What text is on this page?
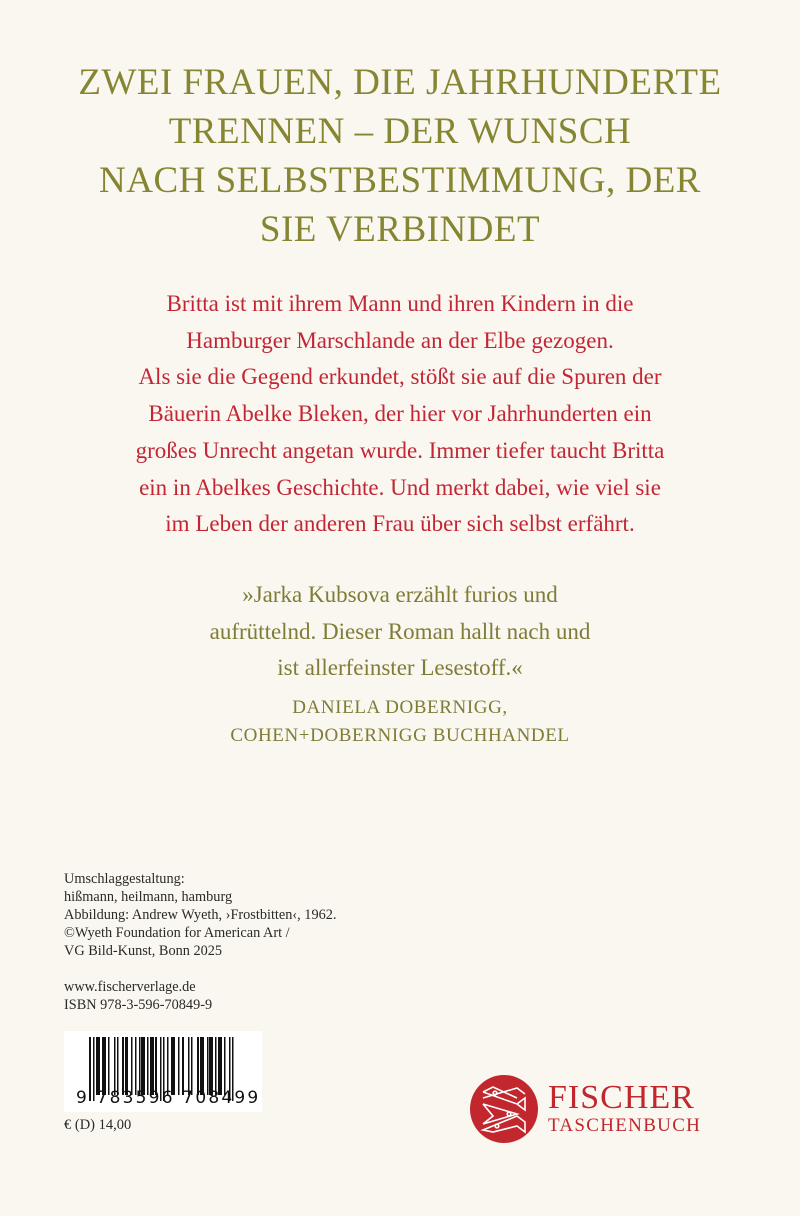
ZWEI FRAUEN, DIE JAHRHUNDERTE
TRENNEN – DER WUNSCH
NACH SELBSTBESTIMMUNG, DER
SIE VERBINDET
Britta ist mit ihrem Mann und ihren Kindern in die
Hamburger Marschlande an der Elbe gezogen.
Als sie die Gegend erkundet, stößt sie auf die Spuren der
Bäuerin Abelke Bleken, der hier vor Jahrhunderten ein
großes Unrecht angetan wurde. Immer tiefer taucht Britta
ein in Abelkes Geschichte. Und merkt dabei, wie viel sie
im Leben der anderen Frau über sich selbst erfährt.
»Jarka Kubsova erzählt furios und
aufrüttelnd. Dieser Roman hallt nach und
ist allerfeinster Lesestoff.«
DANIELA DOBERNIGG,
COHEN+DOBERNIGG BUCHHANDEL
Umschlaggestaltung:
hißmann, heilmann, hamburg
Abbildung: Andrew Wyeth, ›Frostbitten‹, 1962.
©Wyeth Foundation for American Art /
VG Bild-Kunst, Bonn 2025
www.fischerverlage.de
ISBN 978-3-596-70849-9
9 783596 708499
€ (D) 14,00
FISCHER
TASCHENBUCH
